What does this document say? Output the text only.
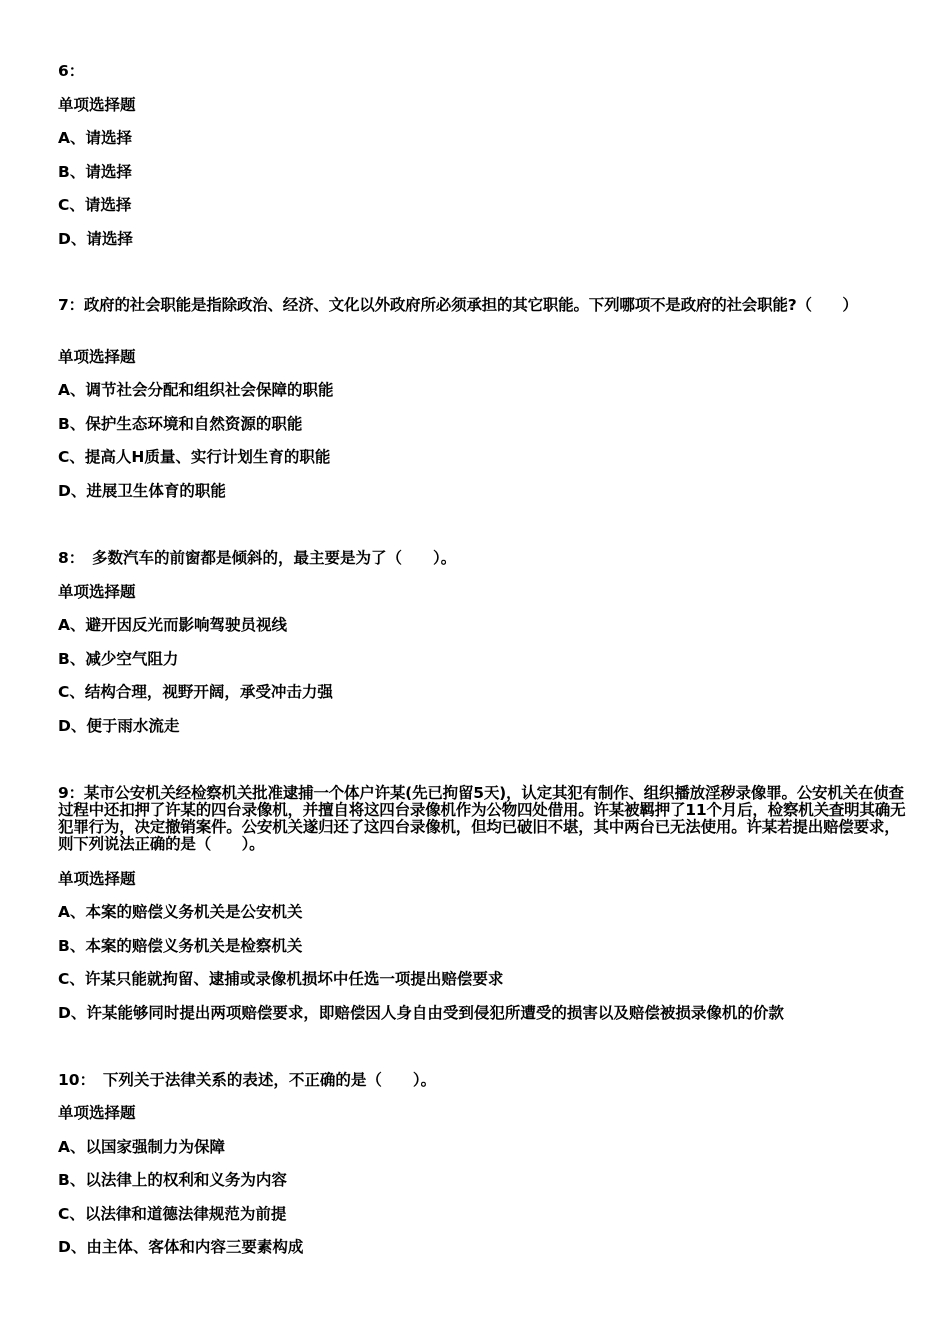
6：
单项选择题
A、请选择
B、请选择
C、请选择
D、请选择
7：政府的社会职能是指除政治、经济、文化以外政府所必须承担的其它职能。下列哪项不是政府的社会职能?（　　）
单项选择题
A、调节社会分配和组织社会保障的职能
B、保护生态环境和自然资源的职能
C、提高人H质量、实行计划生育的职能
D、进展卫生体育的职能
8：　多数汽车的前窗都是倾斜的，最主要是为了（　　）。
单项选择题
A、避开因反光而影响驾驶员视线
B、减少空气阻力
C、结构合理，视野开阔，承受冲击力强
D、便于雨水流走
9：某市公安机关经检察机关批准逮捕一个体户许某(先已拘留5天)，认定其犯有制作、组织播放淫秽录像罪。公安机关在侦查过程中还扣押了许某的四台录像机，并擅自将这四台录像机作为公物四处借用。许某被羁押了11个月后，检察机关查明其确无犯罪行为，决定撤销案件。公安机关遂归还了这四台录像机，但均已破旧不堪，其中两台已无法使用。许某若提出赔偿要求，则下列说法正确的是（　　）。
单项选择题
A、本案的赔偿义务机关是公安机关
B、本案的赔偿义务机关是检察机关
C、许某只能就拘留、逮捕或录像机损坏中任选一项提出赔偿要求
D、许某能够同时提出两项赔偿要求，即赔偿因人身自由受到侵犯所遭受的损害以及赔偿被损录像机的价款
10：　下列关于法律关系的表述，不正确的是（　　）。
单项选择题
A、以国家强制力为保障
B、以法律上的权利和义务为内容
C、以法律和道德法律规范为前提
D、由主体、客体和内容三要素构成
